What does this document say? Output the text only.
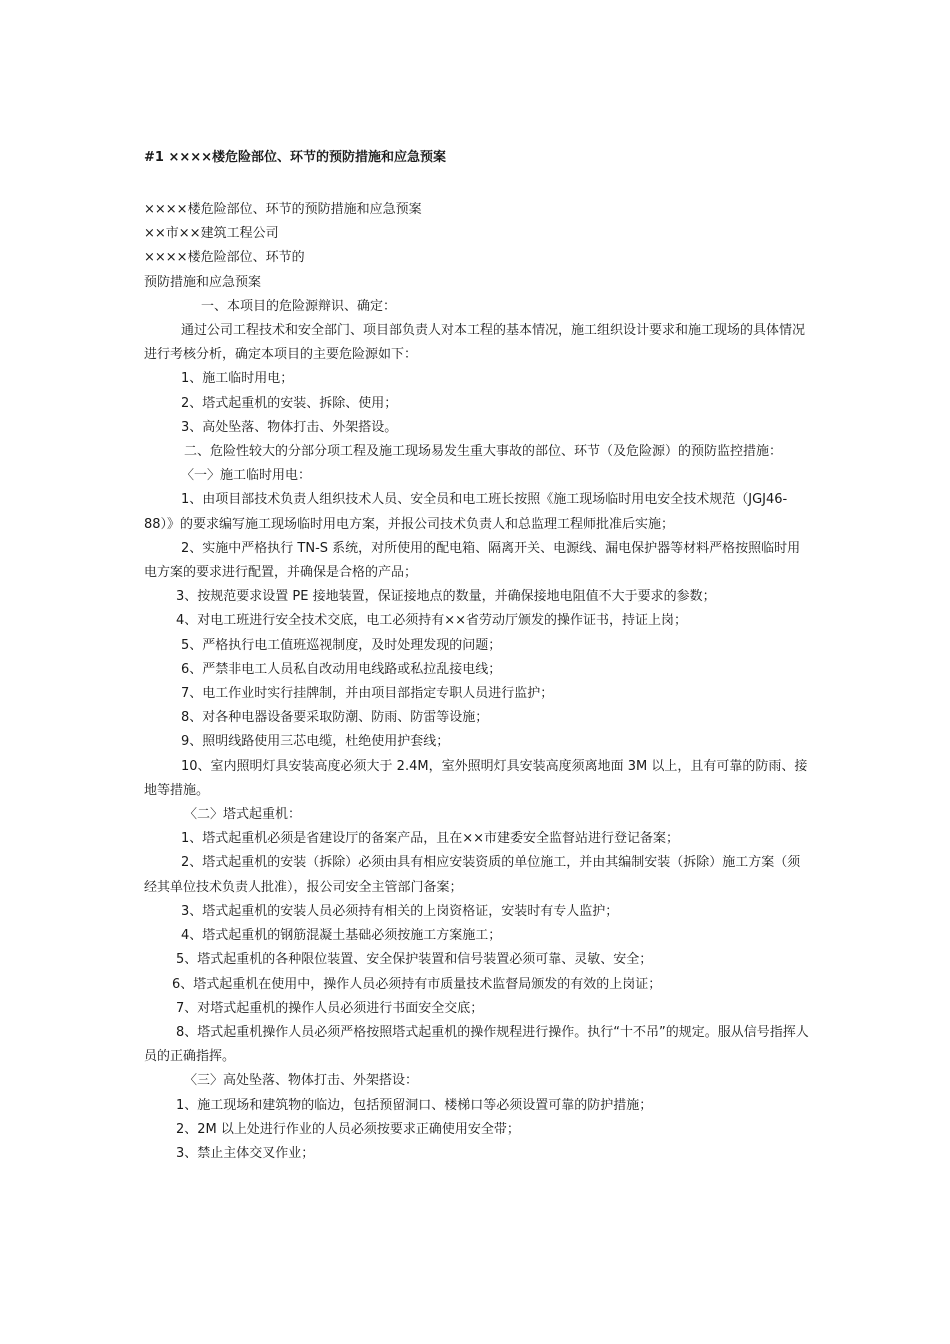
#1 ××××楼危险部位、环节的预防措施和应急预案

××××楼危险部位、环节的预防措施和应急预案

××市××建筑工程公司

××××楼危险部位、环节的

预防措施和应急预案

一、本项目的危险源辩识、确定：

通过公司工程技术和安全部门、项目部负责人对本工程的基本情况，施工组织设计要求和施工现场的具体情况进行考核分析，确定本项目的主要危险源如下：

1、施工临时用电；

2、塔式起重机的安装、拆除、使用；

3、高处坠落、物体打击、外架搭设。

二、危险性较大的分部分项工程及施工现场易发生重大事故的部位、环节（及危险源）的预防监控措施：

〈一〉施工临时用电：

1、由项目部技术负责人组织技术人员、安全员和电工班长按照《施工现场临时用电安全技术规范（JGJ46-88）》的要求编写施工现场临时用电方案，并报公司技术负责人和总监理工程师批准后实施；

2、实施中严格执行 TN-S 系统，对所使用的配电箱、隔离开关、电源线、漏电保护器等材料严格按照临时用电方案的要求进行配置，并确保是合格的产品；

3、按规范要求设置 PE 接地装置，保证接地点的数量，并确保接地电阻值不大于要求的参数；

4、对电工班进行安全技术交底，电工必须持有××省劳动厅颁发的操作证书，持证上岗；

5、严格执行电工值班巡视制度，及时处理发现的问题；

6、严禁非电工人员私自改动用电线路或私拉乱接电线；

7、电工作业时实行挂牌制，并由项目部指定专职人员进行监护；

8、对各种电器设备要采取防潮、防雨、防雷等设施；

9、照明线路使用三芯电缆，杜绝使用护套线；

10、室内照明灯具安装高度必须大于 2.4M，室外照明灯具安装高度须离地面 3M 以上，且有可靠的防雨、接地等措施。

〈二〉塔式起重机：

1、塔式起重机必须是省建设厅的备案产品，且在××市建委安全监督站进行登记备案；

2、塔式起重机的安装（拆除）必须由具有相应安装资质的单位施工，并由其编制安装（拆除）施工方案（须经其单位技术负责人批准），报公司安全主管部门备案；

3、塔式起重机的安装人员必须持有相关的上岗资格证，安装时有专人监护；

4、塔式起重机的钢筋混凝土基础必须按施工方案施工；

5、塔式起重机的各种限位装置、安全保护装置和信号装置必须可靠、灵敏、安全；

6、塔式起重机在使用中，操作人员必须持有市质量技术监督局颁发的有效的上岗证；

7、对塔式起重机的操作人员必须进行书面安全交底；

8、塔式起重机操作人员必须严格按照塔式起重机的操作规程进行操作。执行“十不吊”的规定。服从信号指挥人员的正确指挥。

〈三〉高处坠落、物体打击、外架搭设：

1、施工现场和建筑物的临边，包括预留洞口、楼梯口等必须设置可靠的防护措施；

2、2M 以上处进行作业的人员必须按要求正确使用安全带；

3、禁止主体交叉作业；
